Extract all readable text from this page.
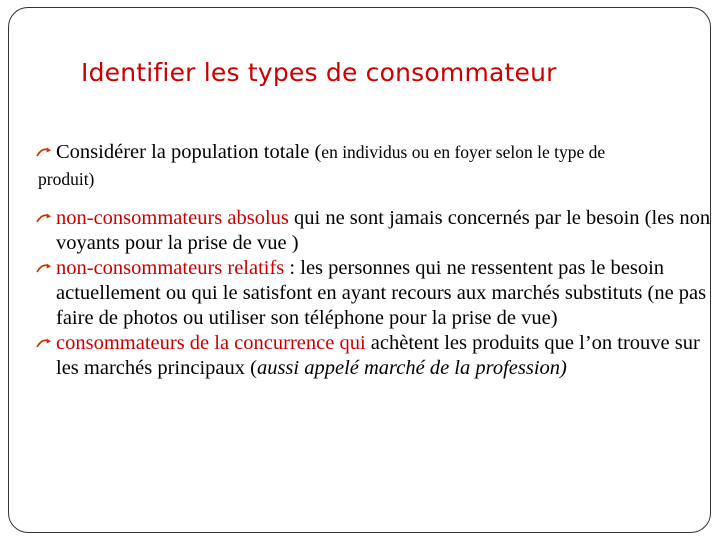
Identifier les types de consommateur
Considérer la population totale (en individus ou en foyer selon le type de
produit)
non-consommateurs absolus qui ne sont jamais concernés par le besoin (les non voyants pour la prise de vue )
non-consommateurs relatifs : les personnes qui ne ressentent pas le besoin actuellement ou qui le satisfont en ayant recours aux marchés substituts (ne pas faire de photos ou utiliser son téléphone pour la prise de vue)
consommateurs de la concurrence qui achètent les produits que l’on trouve sur les marchés principaux (aussi appelé marché de la profession)
